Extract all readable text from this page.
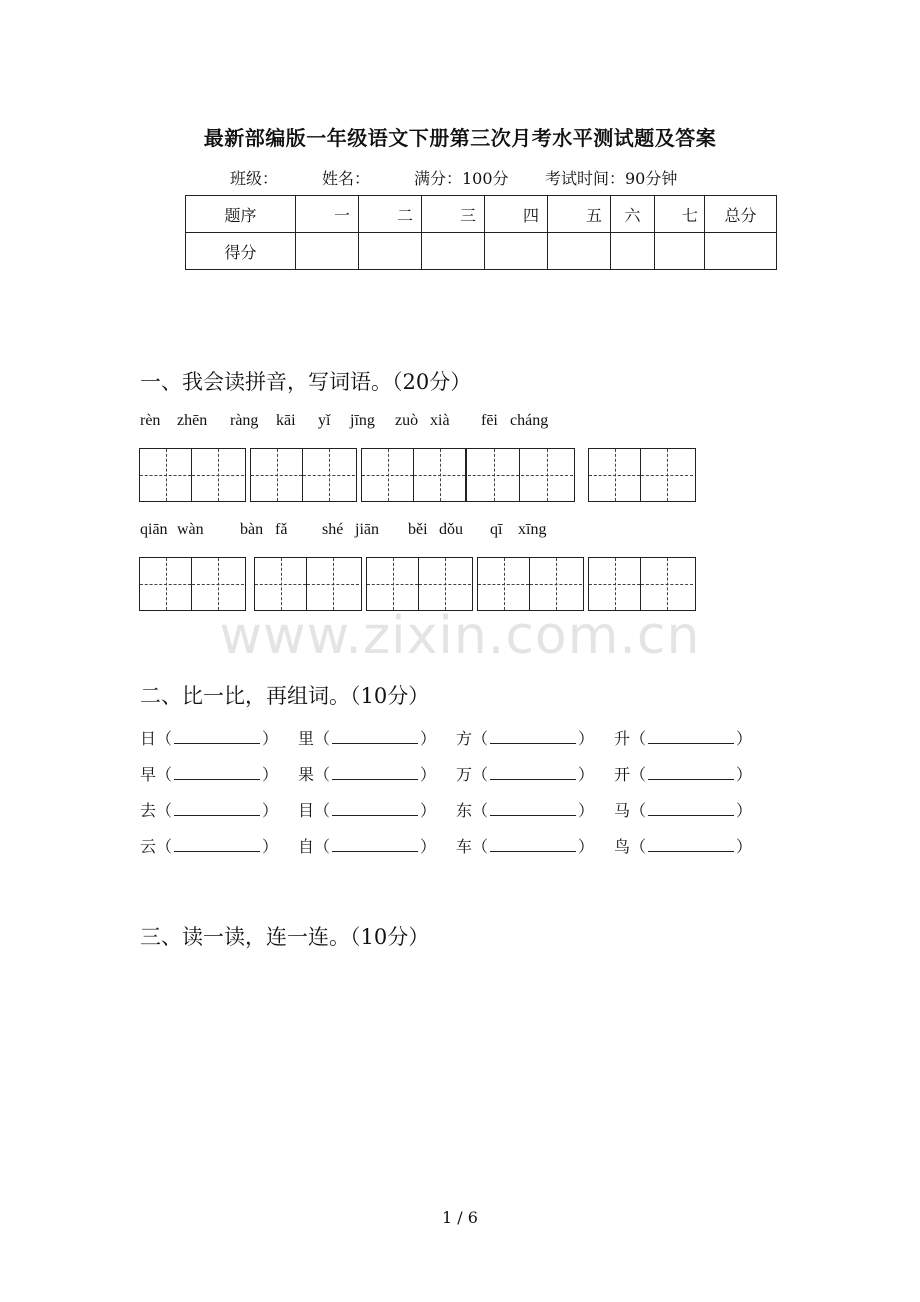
最新部编版一年级语文下册第三次月考水平测试题及答案
班级：	姓名：	满分：100分 考试时间：90分钟
题序	一	二	三	四	五	六	七	总分
得分								
一、我会读拼音，写词语。（20分）
rèn zhēn ràng kāi yǐ jīng zuò xià fēi cháng
qiān wàn bàn fǎ shé jiān běi dǒu qī xīng
www.zixin.com.cn
二、比一比，再组词。（10分）
日（	） 里（	） 方（	） 升（	）
早（	） 果（	） 万（	） 开（	）
去（	） 目（	） 东（	） 马（	）
云（	） 自（	） 车（	） 鸟（	）
三、读一读，连一连。（10分）
1 / 6
